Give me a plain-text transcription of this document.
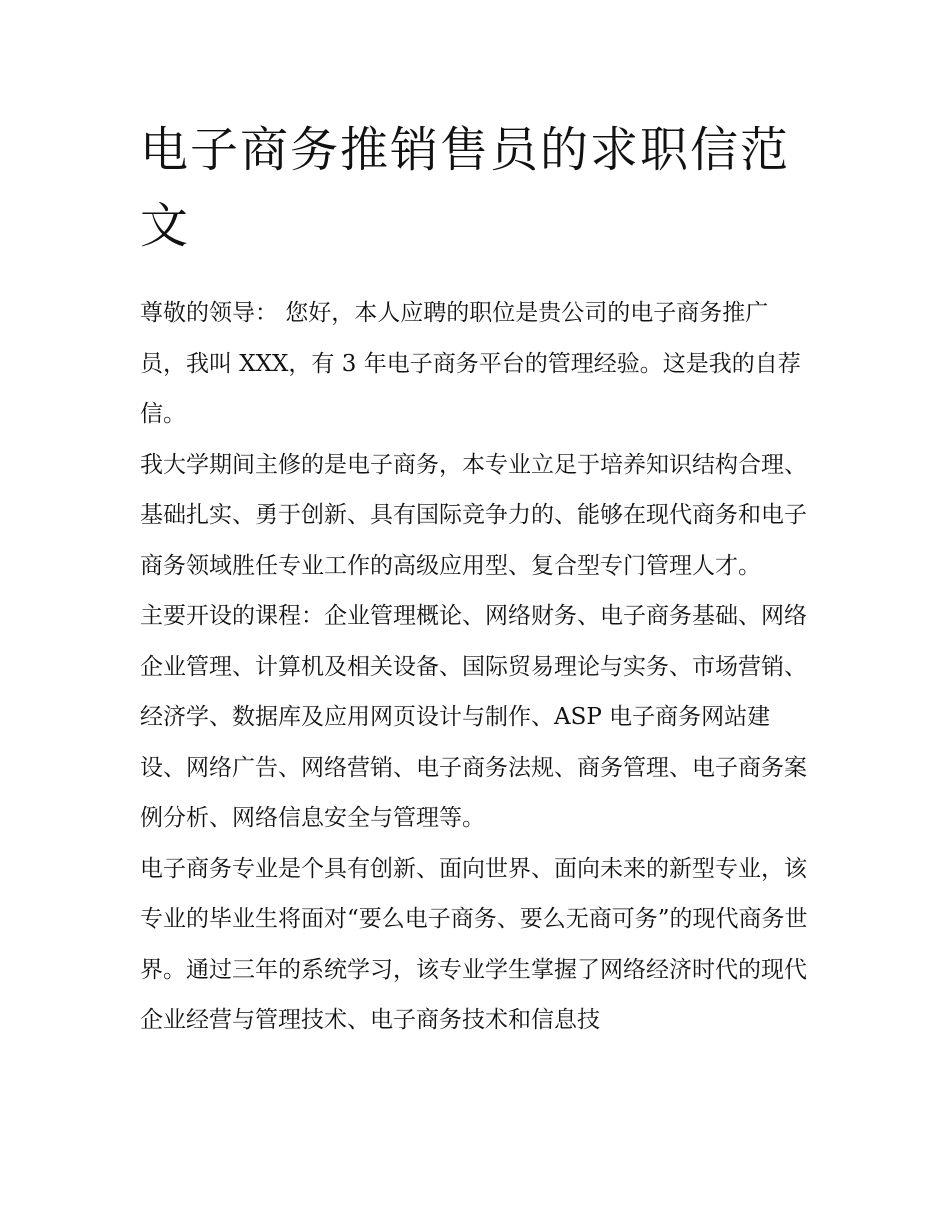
电子商务推销售员的求职信范文

尊敬的领导： 您好，本人应聘的职位是贵公司的电子商务推广员，我叫 XXX，有 3 年电子商务平台的管理经验。这是我的自荐信。

我大学期间主修的是电子商务，本专业立足于培养知识结构合理、基础扎实、勇于创新、具有国际竞争力的、能够在现代商务和电子商务领域胜任专业工作的高级应用型、复合型专门管理人才。

主要开设的课程：企业管理概论、网络财务、电子商务基础、网络企业管理、计算机及相关设备、国际贸易理论与实务、市场营销、经济学、数据库及应用网页设计与制作、ASP 电子商务网站建设、网络广告、网络营销、电子商务法规、商务管理、电子商务案例分析、网络信息安全与管理等。

电子商务专业是个具有创新、面向世界、面向未来的新型专业，该专业的毕业生将面对“要么电子商务、要么无商可务”的现代商务世界。通过三年的系统学习，该专业学生掌握了网络经济时代的现代企业经营与管理技术、电子商务技术和信息技
